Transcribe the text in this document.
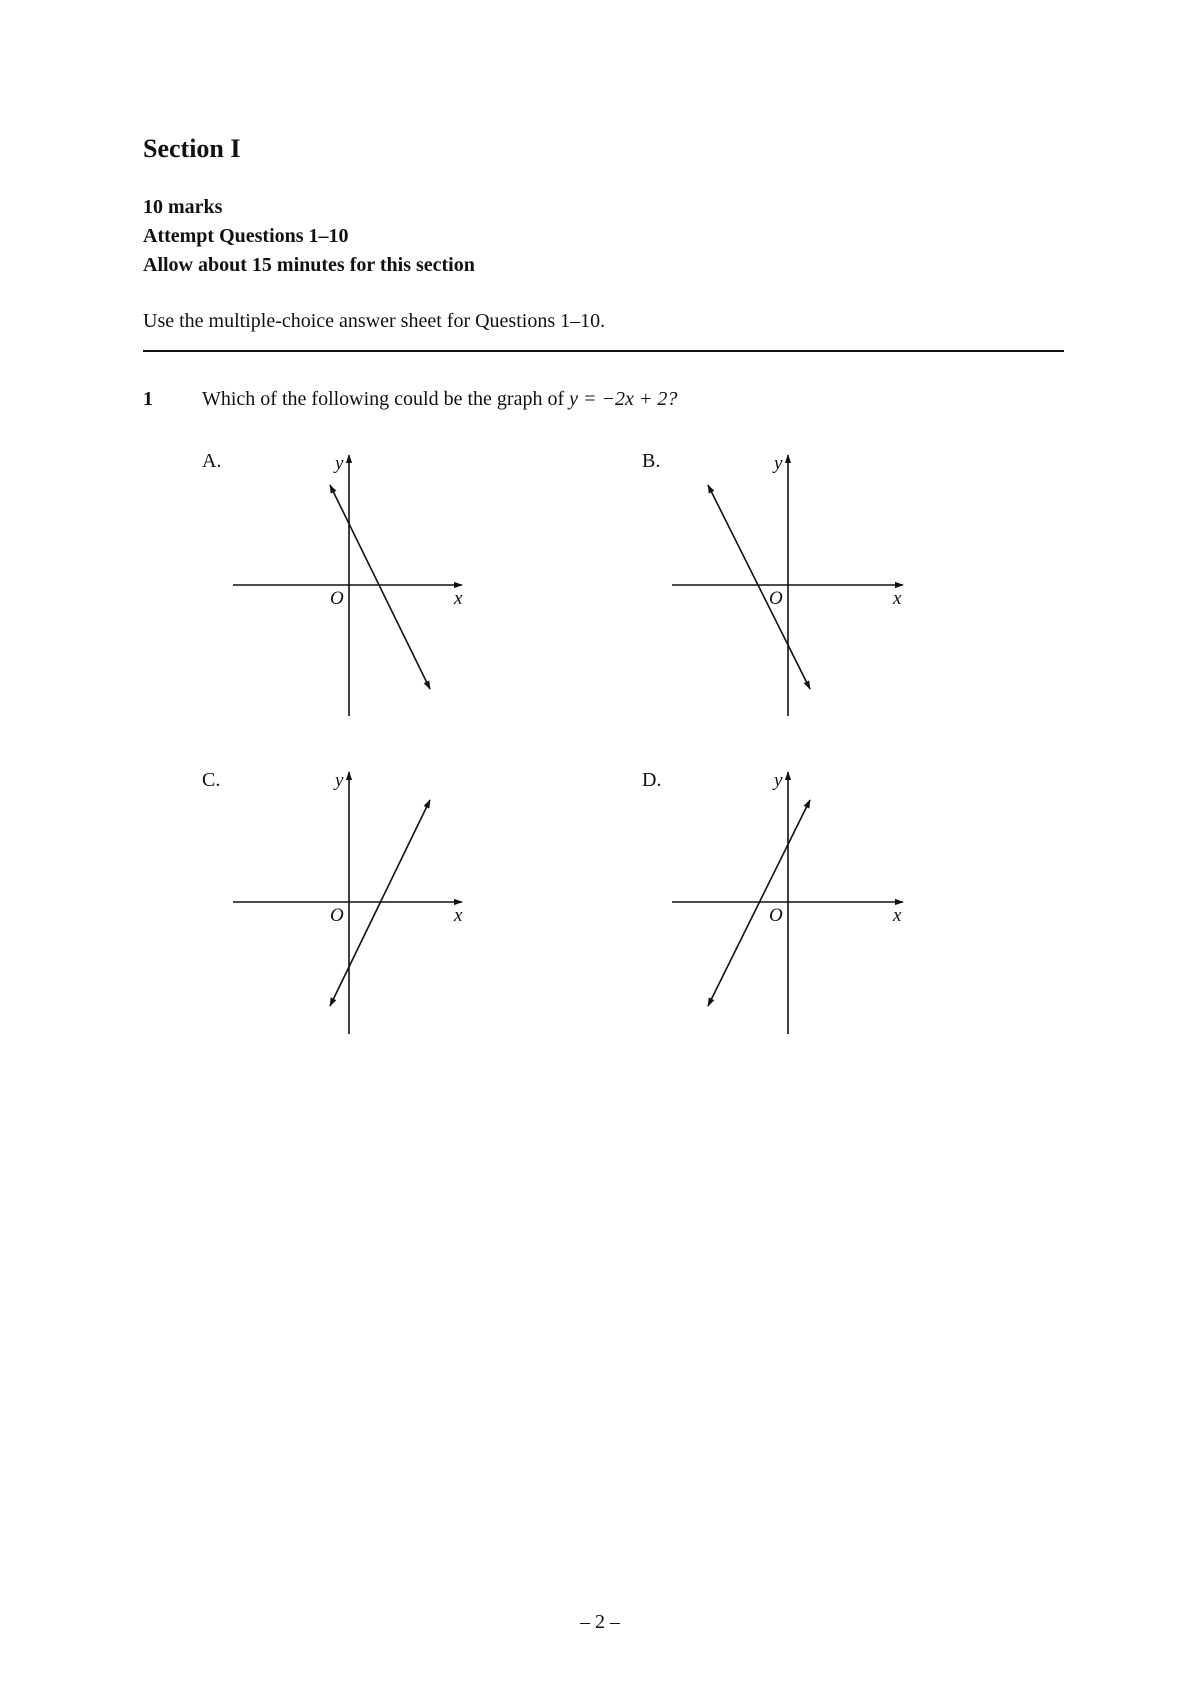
Section I
10 marks
Attempt Questions 1–10
Allow about 15 minutes for this section
Use the multiple-choice answer sheet for Questions 1–10.
1 Which of the following could be the graph of y = −2x + 2?
A.	B.
C.	D.
y
x
O
y
x
O
y
x
O
y
x
O
– 2 –
